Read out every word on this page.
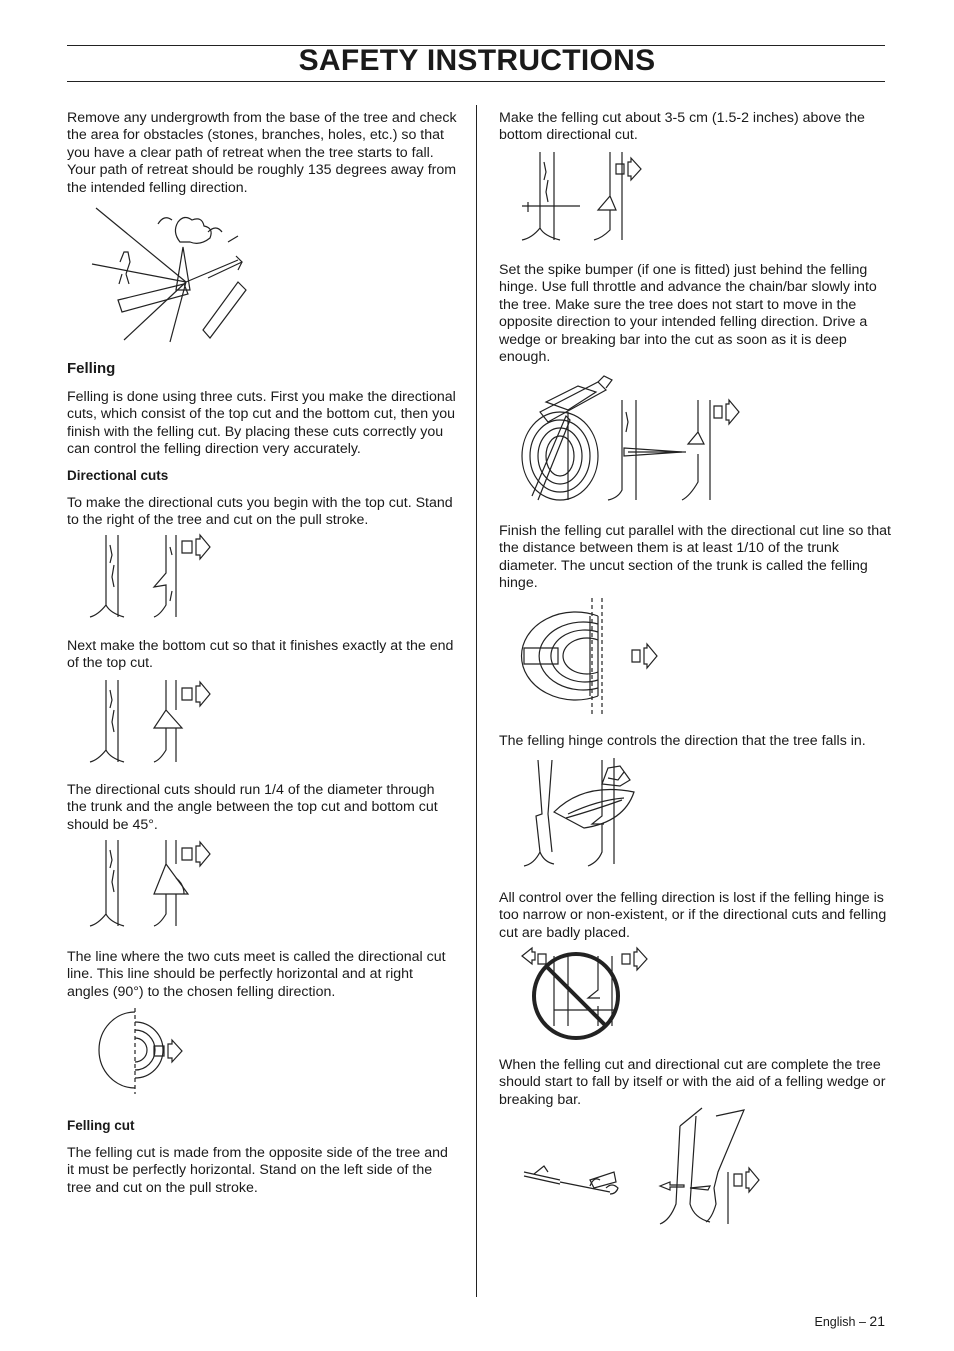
SAFETY INSTRUCTIONS

Remove any undergrowth from the base of the tree and check the area for obstacles (stones, branches, holes, etc.) so that you have a clear path of retreat when the tree starts to fall. Your path of retreat should be roughly 135 degrees away from the intended felling direction.

Felling

Felling is done using three cuts. First you make the directional cuts, which consist of the top cut and the bottom cut, then you finish with the felling cut. By placing these cuts correctly you can control the felling direction very accurately.

Directional cuts

To make the directional cuts you begin with the top cut. Stand to the right of the tree and cut on the pull stroke.

Next make the bottom cut so that it finishes exactly at the end of the top cut.

The directional cuts should run 1/4 of the diameter through the trunk and the angle between the top cut and bottom cut should be 45°.

The line where the two cuts meet is called the directional cut line. This line should be perfectly horizontal and at right angles (90°) to the chosen felling direction.

Felling cut

The felling cut is made from the opposite side of the tree and it must be perfectly horizontal. Stand on the left side of the tree and cut on the pull stroke.

Make the felling cut about 3-5 cm (1.5-2 inches) above the bottom directional cut.

Set the spike bumper (if one is fitted) just behind the felling hinge. Use full throttle and advance the chain/bar slowly into the tree. Make sure the tree does not start to move in the opposite direction to your intended felling direction. Drive a wedge or breaking bar into the cut as soon as it is deep enough.

Finish the felling cut parallel with the directional cut line so that the distance between them is at least 1/10 of the trunk diameter. The uncut section of the trunk is called the felling hinge.

The felling hinge controls the direction that the tree falls in.

All control over the felling direction is lost if the felling hinge is too narrow or non-existent, or if the directional cuts and felling cut are badly placed.

When the felling cut and directional cut are complete the tree should start to fall by itself or with the aid of a felling wedge or breaking bar.

English – 21
